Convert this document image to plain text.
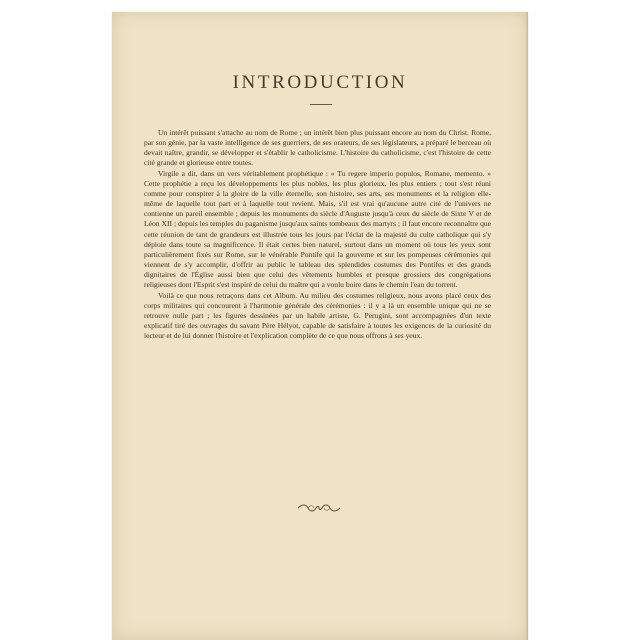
INTRODUCTION

Un intérêt puissant s'attache au nom de Rome ; un intérêt bien plus puissant encore au nom du Christ. Rome, par son génie, par la vaste intelligence de ses guerriers, de ses orateurs, de ses législateurs, a préparé le berceau où devait naître, grandir, se développer et s'établir le catholicisme. L'histoire du catholicisme, c'est l'histoire de cette cité grande et glorieuse entre toutes.

Virgile a dit, dans un vers véritablement prophétique : « Tu regere imperio populos, Romane, memento. » Cette prophétie a reçu les développements les plus nobles, les plus glorieux, les plus entiers ; tout s'est réuni comme pour conspirer à la gloire de la ville éternelle, son histoire, ses arts, ses monuments et la religion elle-même de laquelle tout part et à laquelle tout revient. Mais, s'il est vrai qu'aucune autre cité de l'univers ne contienne un pareil ensemble ; depuis les monuments du siècle d'Auguste jusqu'à ceux du siècle de Sixte V et de Léon XII ; depuis les temples du paganisme jusqu'aux saints tombeaux des martyrs ; il faut encore reconnaître que cette réunion de tant de grandeurs est illustrée tous les jours par l'éclat de la majesté du culte catholique qui s'y déploie dans toute sa magnificence. Il était certes bien naturel, surtout dans un moment où tous les yeux sont particulièrement fixés sur Rome, sur le vénérable Pontife qui la gouverne et sur les pompeuses cérémonies qui viennent de s'y accomplir, d'offrir au public le tableau des splendides costumes des Pontifes et des grands dignitaires de l'Église aussi bien que celui des vêtements humbles et presque grossiers des congrégations religieuses dont l'Esprit s'est inspiré de celui du maître qui a voulu boire dans le chemin l'eau du torrent.

Voilà ce que nous retraçons dans cet Album. Au milieu des costumes religieux, nous avons placé ceux des corps militaires qui concourent à l'harmonie générale des cérémonies : il y a là un ensemble unique qui ne se retrouve nulle part ; les figures dessinées par un habile artiste, G. Perugini, sont accompagnées d'un texte explicatif tiré des ouvrages du savant Père Hélyot, capable de satisfaire à toutes les exigences de la curiosité du lecteur et de lui donner l'histoire et l'explication complète de ce que nous offrons à ses yeux.
